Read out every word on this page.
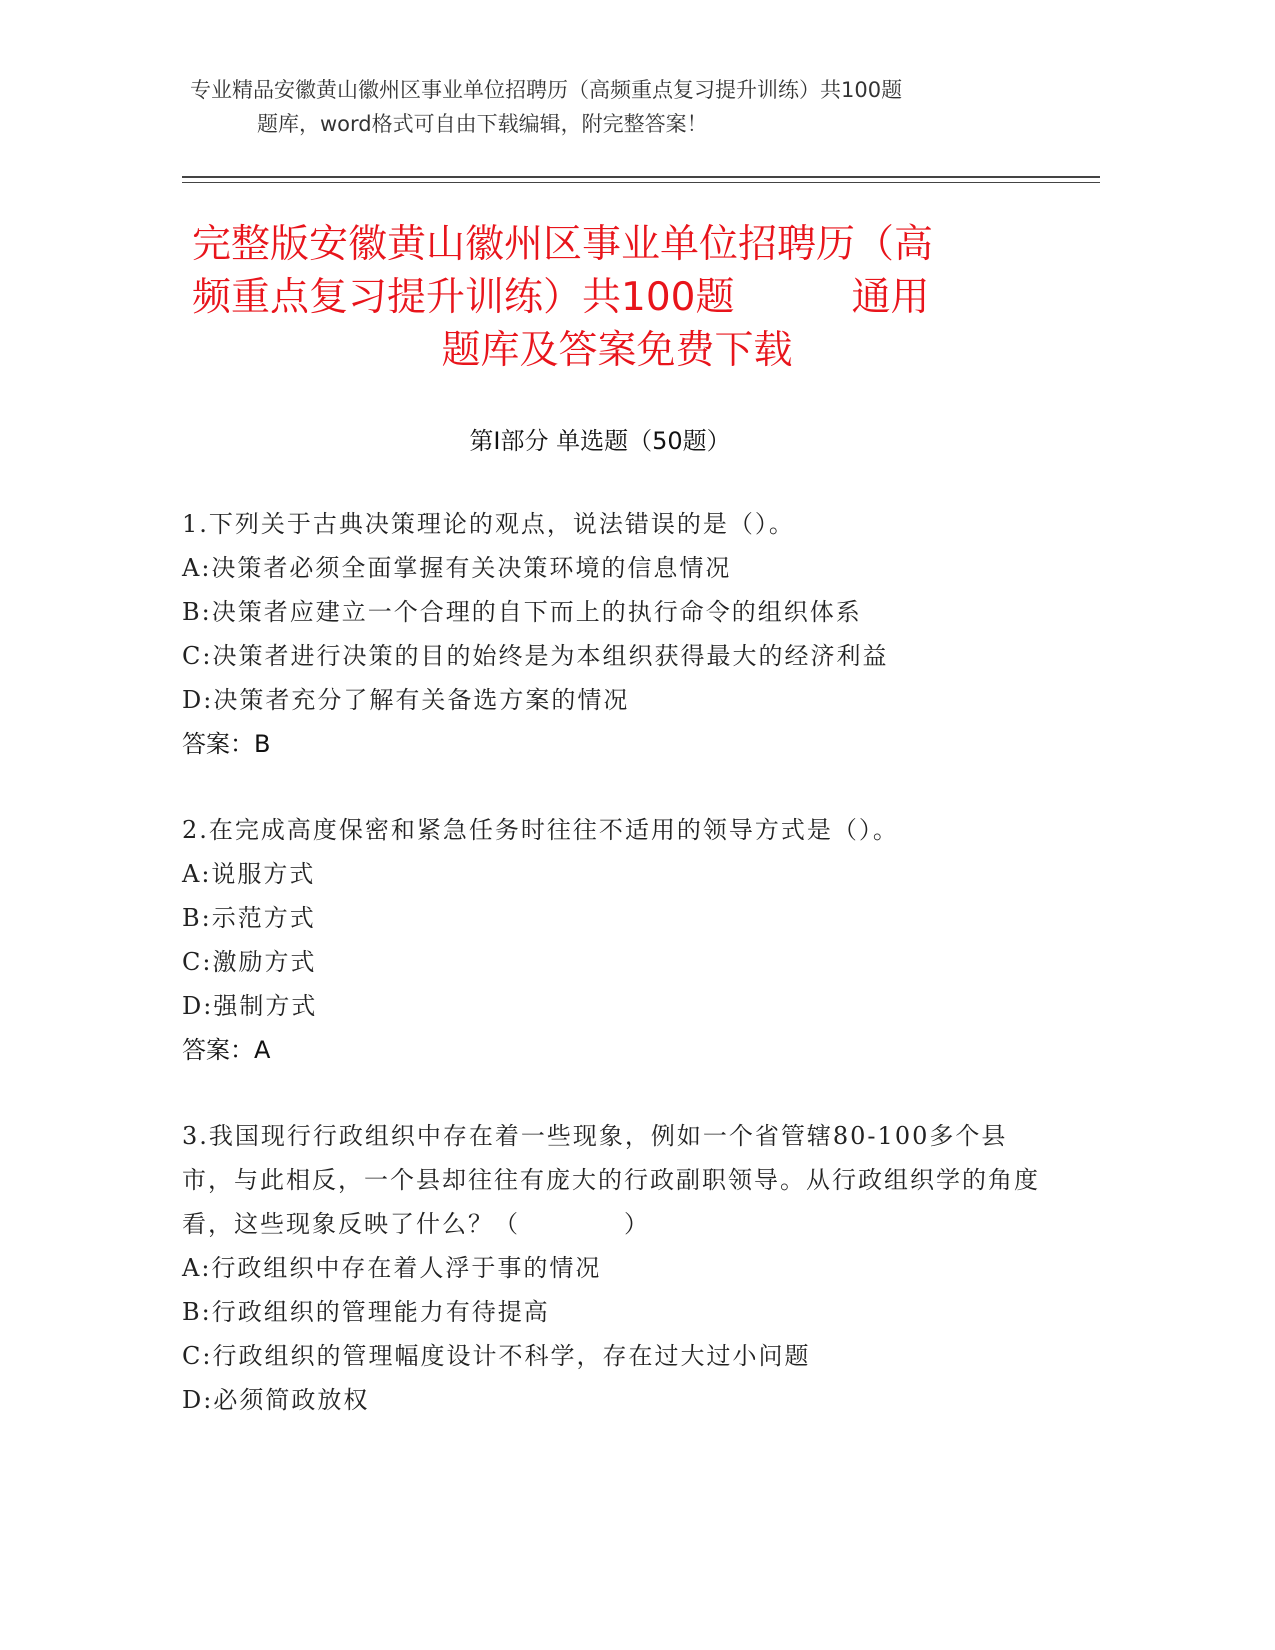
专业精品安徽黄山徽州区事业单位招聘历（高频重点复习提升训练）共100题
题库，word格式可自由下载编辑，附完整答案！
完整版安徽黄山徽州区事业单位招聘历（高
频重点复习提升训练）共100题　　　通用
题库及答案免费下载
第Ⅰ部分 单选题（50题）
1.下列关于古典决策理论的观点，说法错误的是（）。
A:决策者必须全面掌握有关决策环境的信息情况
B:决策者应建立一个合理的自下而上的执行命令的组织体系
C:决策者进行决策的目的始终是为本组织获得最大的经济利益
D:决策者充分了解有关备选方案的情况
答案：B
2.在完成高度保密和紧急任务时往往不适用的领导方式是（）。
A:说服方式
B:示范方式
C:激励方式
D:强制方式
答案：A
3.我国现行行政组织中存在着一些现象，例如一个省管辖80-100多个县市，与此相反，一个县却往往有庞大的行政副职领导。从行政组织学的角度看，这些现象反映了什么？（　　　　）
A:行政组织中存在着人浮于事的情况
B:行政组织的管理能力有待提高
C:行政组织的管理幅度设计不科学，存在过大过小问题
D:必须简政放权
